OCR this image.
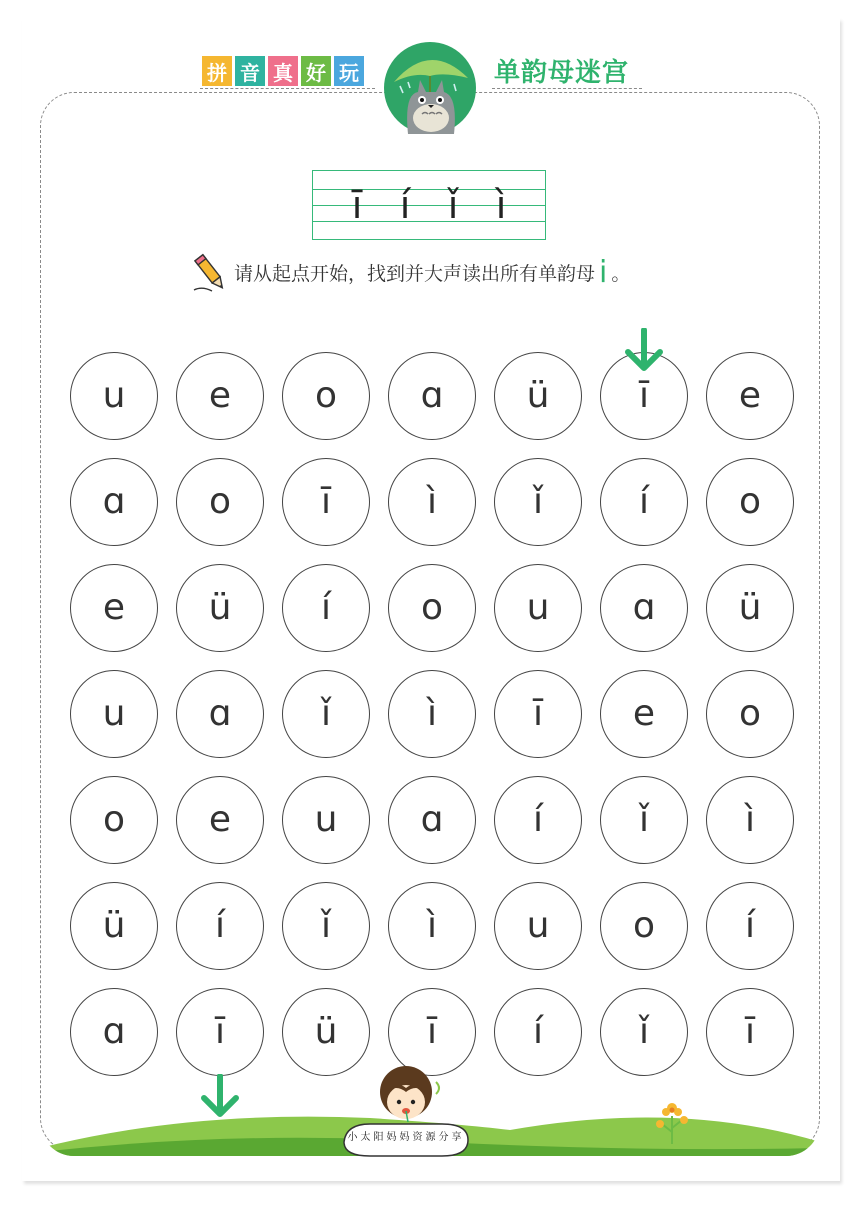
拼 音 真 好 玩	单韵母迷宫
ī í ǐ ì
请从起点开始，找到并大声读出所有单韵母 i 。
u	e	o	ɑ	ü	ī	e
ɑ	o	ī	ì	ǐ	í	o
e	ü	í	o	u	ɑ	ü
u	ɑ	ǐ	ì	ī	e	o
o	e	u	ɑ	í	ǐ	ì
ü	í	ǐ	ì	u	o	í
ɑ	ī	ü	ī	í	ǐ	ī
小太阳妈妈资源分享
